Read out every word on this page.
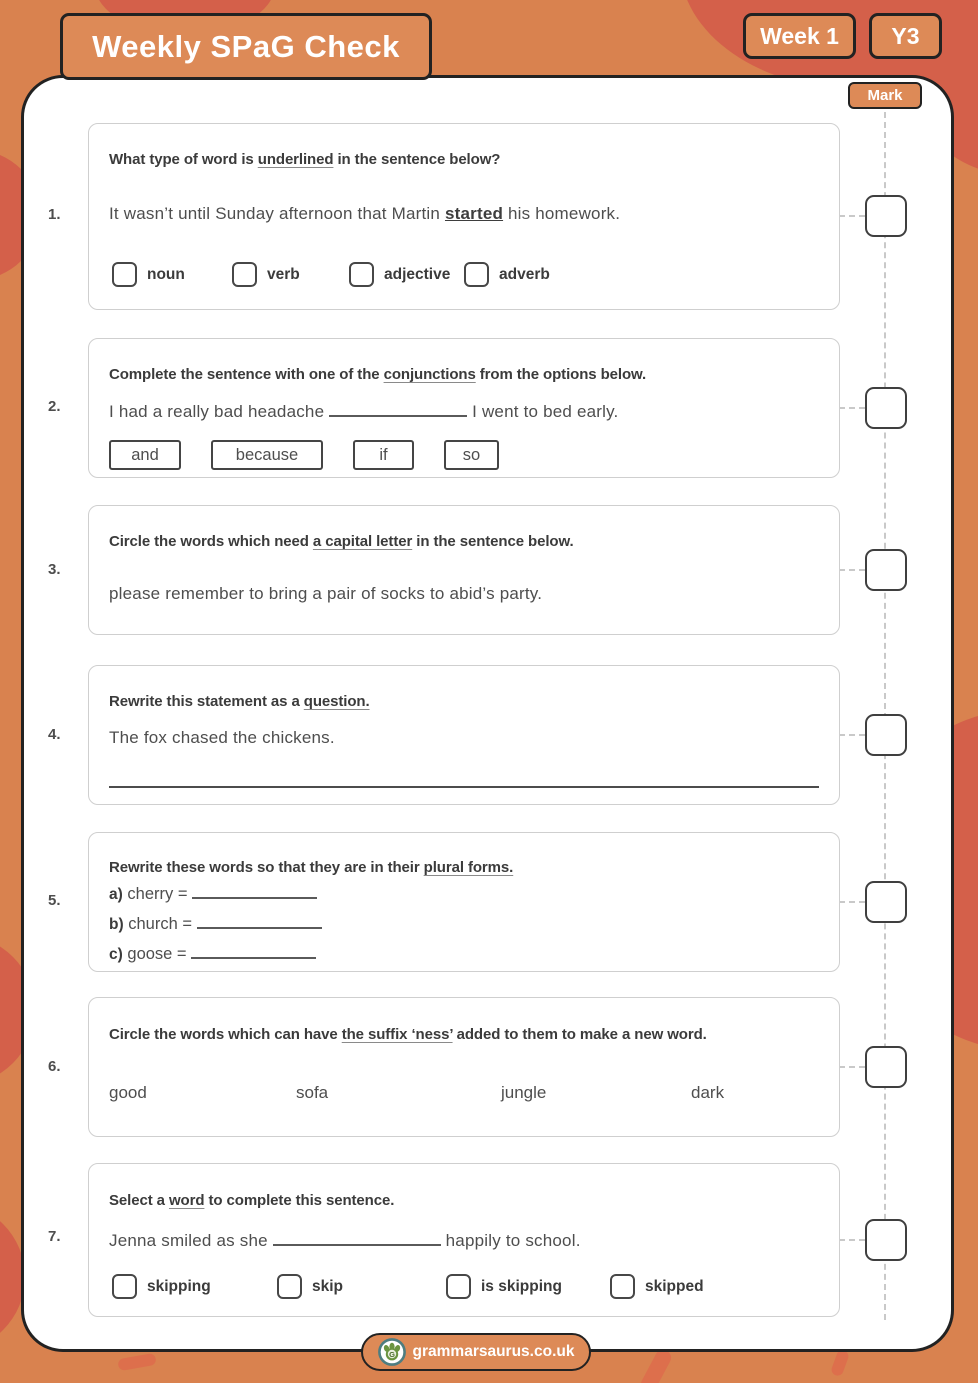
Weekly SPaG Check	Week 1 Y3
Mark
1.
2.
3.
4.
5.
6.
7.
What type of word is underlined in the sentence below?
It wasn’t until Sunday afternoon that Martin started his homework.
noun	verb	adjective	adverb
Complete the sentence with one of the conjunctions from the options below.
I had a really bad headache	I went to bed early.
and	because	if	so
Circle the words which need a capital letter in the sentence below.
please remember to bring a pair of socks to abid’s party.
Rewrite this statement as a question.
The fox chased the chickens.
Rewrite these words so that they are in their plural forms.
a) cherry =
b) church =
c) goose =
Circle the words which can have the suffix ‘ness’ added to them to make a new word.
good	sofa	jungle	dark
Select a word to complete this sentence.
Jenna smiled as she	happily to school.
skipping	skip	is skipping	skipped
G grammarsaurus.co.uk
